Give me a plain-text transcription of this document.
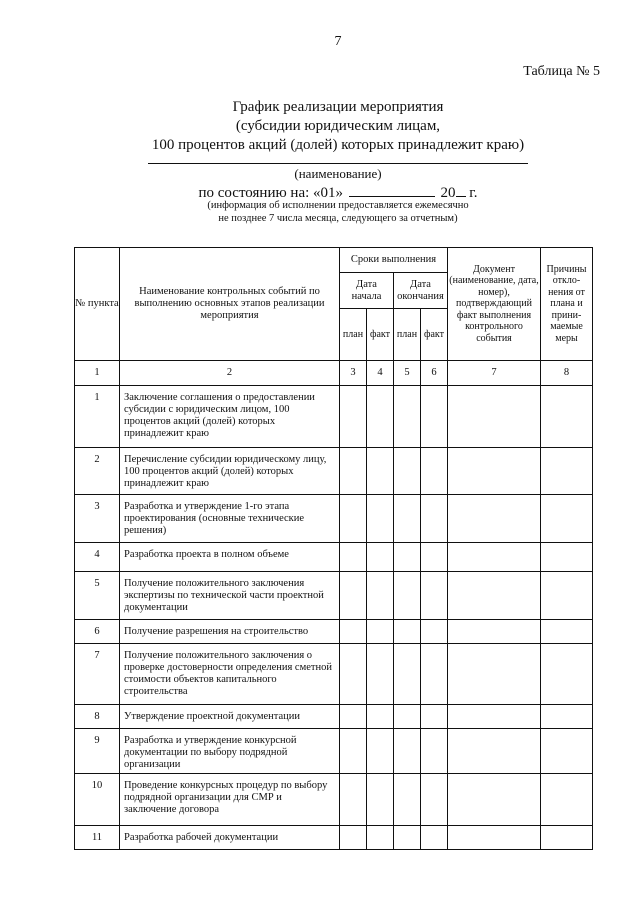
7
Таблица № 5
График реализации мероприятия
(субсидии юридическим лицам,
100 процентов акций (долей) которых принадлежит краю)
(наименование)
по состоянию на: «01»	20 г.
(информация об исполнении предоставляется ежемесячно
не позднее 7 числа месяца, следующего за отчетным)
№ пункта	Наименование контрольных событий по выполнению основных этапов реализации мероприятия	Сроки выполнения				Документ (наименование, дата, номер), подтверждающий факт выполнения контрольного события	Причины откло-нения от плана и прини-маемые меры
		Дата начала		Дата окончания			
		план	факт	план	факт		
1	2	3	4	5	6	7	8
1	Заключение соглашения о предоставлении субсидии с юридическим лицом, 100 процентов акций (долей) которых принадлежит краю						
2	Перечисление субсидии юридическому лицу, 100 процентов акций (долей) которых принадлежит краю						
3	Разработка и утверждение 1-го этапа проектирования (основные технические решения)						
4	Разработка проекта в полном объеме						
5	Получение положительного заключения экспертизы по технической части проектной документации						
6	Получение разрешения на строительство						
7	Получение положительного заключения о проверке достоверности определения сметной стоимости объектов капитального строительства						
8	Утверждение проектной документации						
9	Разработка и утверждение конкурсной документации по выбору подрядной организации						
10	Проведение конкурсных процедур по выбору подрядной организации для СМР и заключение договора						
11	Разработка рабочей документации						
